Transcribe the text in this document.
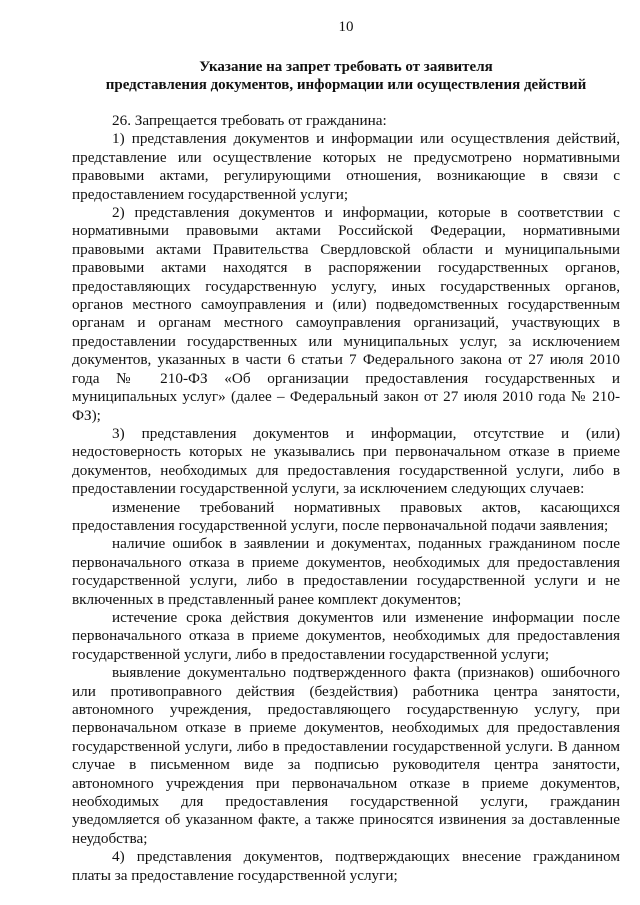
10
Указание на запрет требовать от заявителя
представления документов, информации или осуществления действий

26. Запрещается требовать от гражданина:

1) представления документов и информации или осуществления действий, представление или осуществление которых не предусмотрено нормативными правовыми актами, регулирующими отношения, возникающие в связи с предоставлением государственной услуги;

2) представления документов и информации, которые в соответствии с нормативными правовыми актами Российской Федерации, нормативными правовыми актами Правительства Свердловской области и муниципальными правовыми актами находятся в распоряжении государственных органов, предоставляющих государственную услугу, иных государственных органов, органов местного самоуправления и (или) подведомственных государственным органам и органам местного самоуправления организаций, участвующих в предоставлении государственных или муниципальных услуг, за исключением документов, указанных в части 6 статьи 7 Федерального закона от 27 июля 2010 года № 210-ФЗ «Об организации предоставления государственных и муниципальных услуг» (далее – Федеральный закон от 27 июля 2010 года № 210-ФЗ);

3) представления документов и информации, отсутствие и (или) недостоверность которых не указывались при первоначальном отказе в приеме документов, необходимых для предоставления государственной услуги, либо в предоставлении государственной услуги, за исключением следующих случаев:

изменение требований нормативных правовых актов, касающихся предоставления государственной услуги, после первоначальной подачи заявления;

наличие ошибок в заявлении и документах, поданных гражданином после первоначального отказа в приеме документов, необходимых для предоставления государственной услуги, либо в предоставлении государственной услуги и не включенных в представленный ранее комплект документов;

истечение срока действия документов или изменение информации после первоначального отказа в приеме документов, необходимых для предоставления государственной услуги, либо в предоставлении государственной услуги;

выявление документально подтвержденного факта (признаков) ошибочного или противоправного действия (бездействия) работника центра занятости, автономного учреждения, предоставляющего государственную услугу, при первоначальном отказе в приеме документов, необходимых для предоставления государственной услуги, либо в предоставлении государственной услуги. В данном случае в письменном виде за подписью руководителя центра занятости, автономного учреждения при первоначальном отказе в приеме документов, необходимых для предоставления государственной услуги, гражданин уведомляется об указанном факте, а также приносятся извинения за доставленные неудобства;

4) представления документов, подтверждающих внесение гражданином платы за предоставление государственной услуги;
